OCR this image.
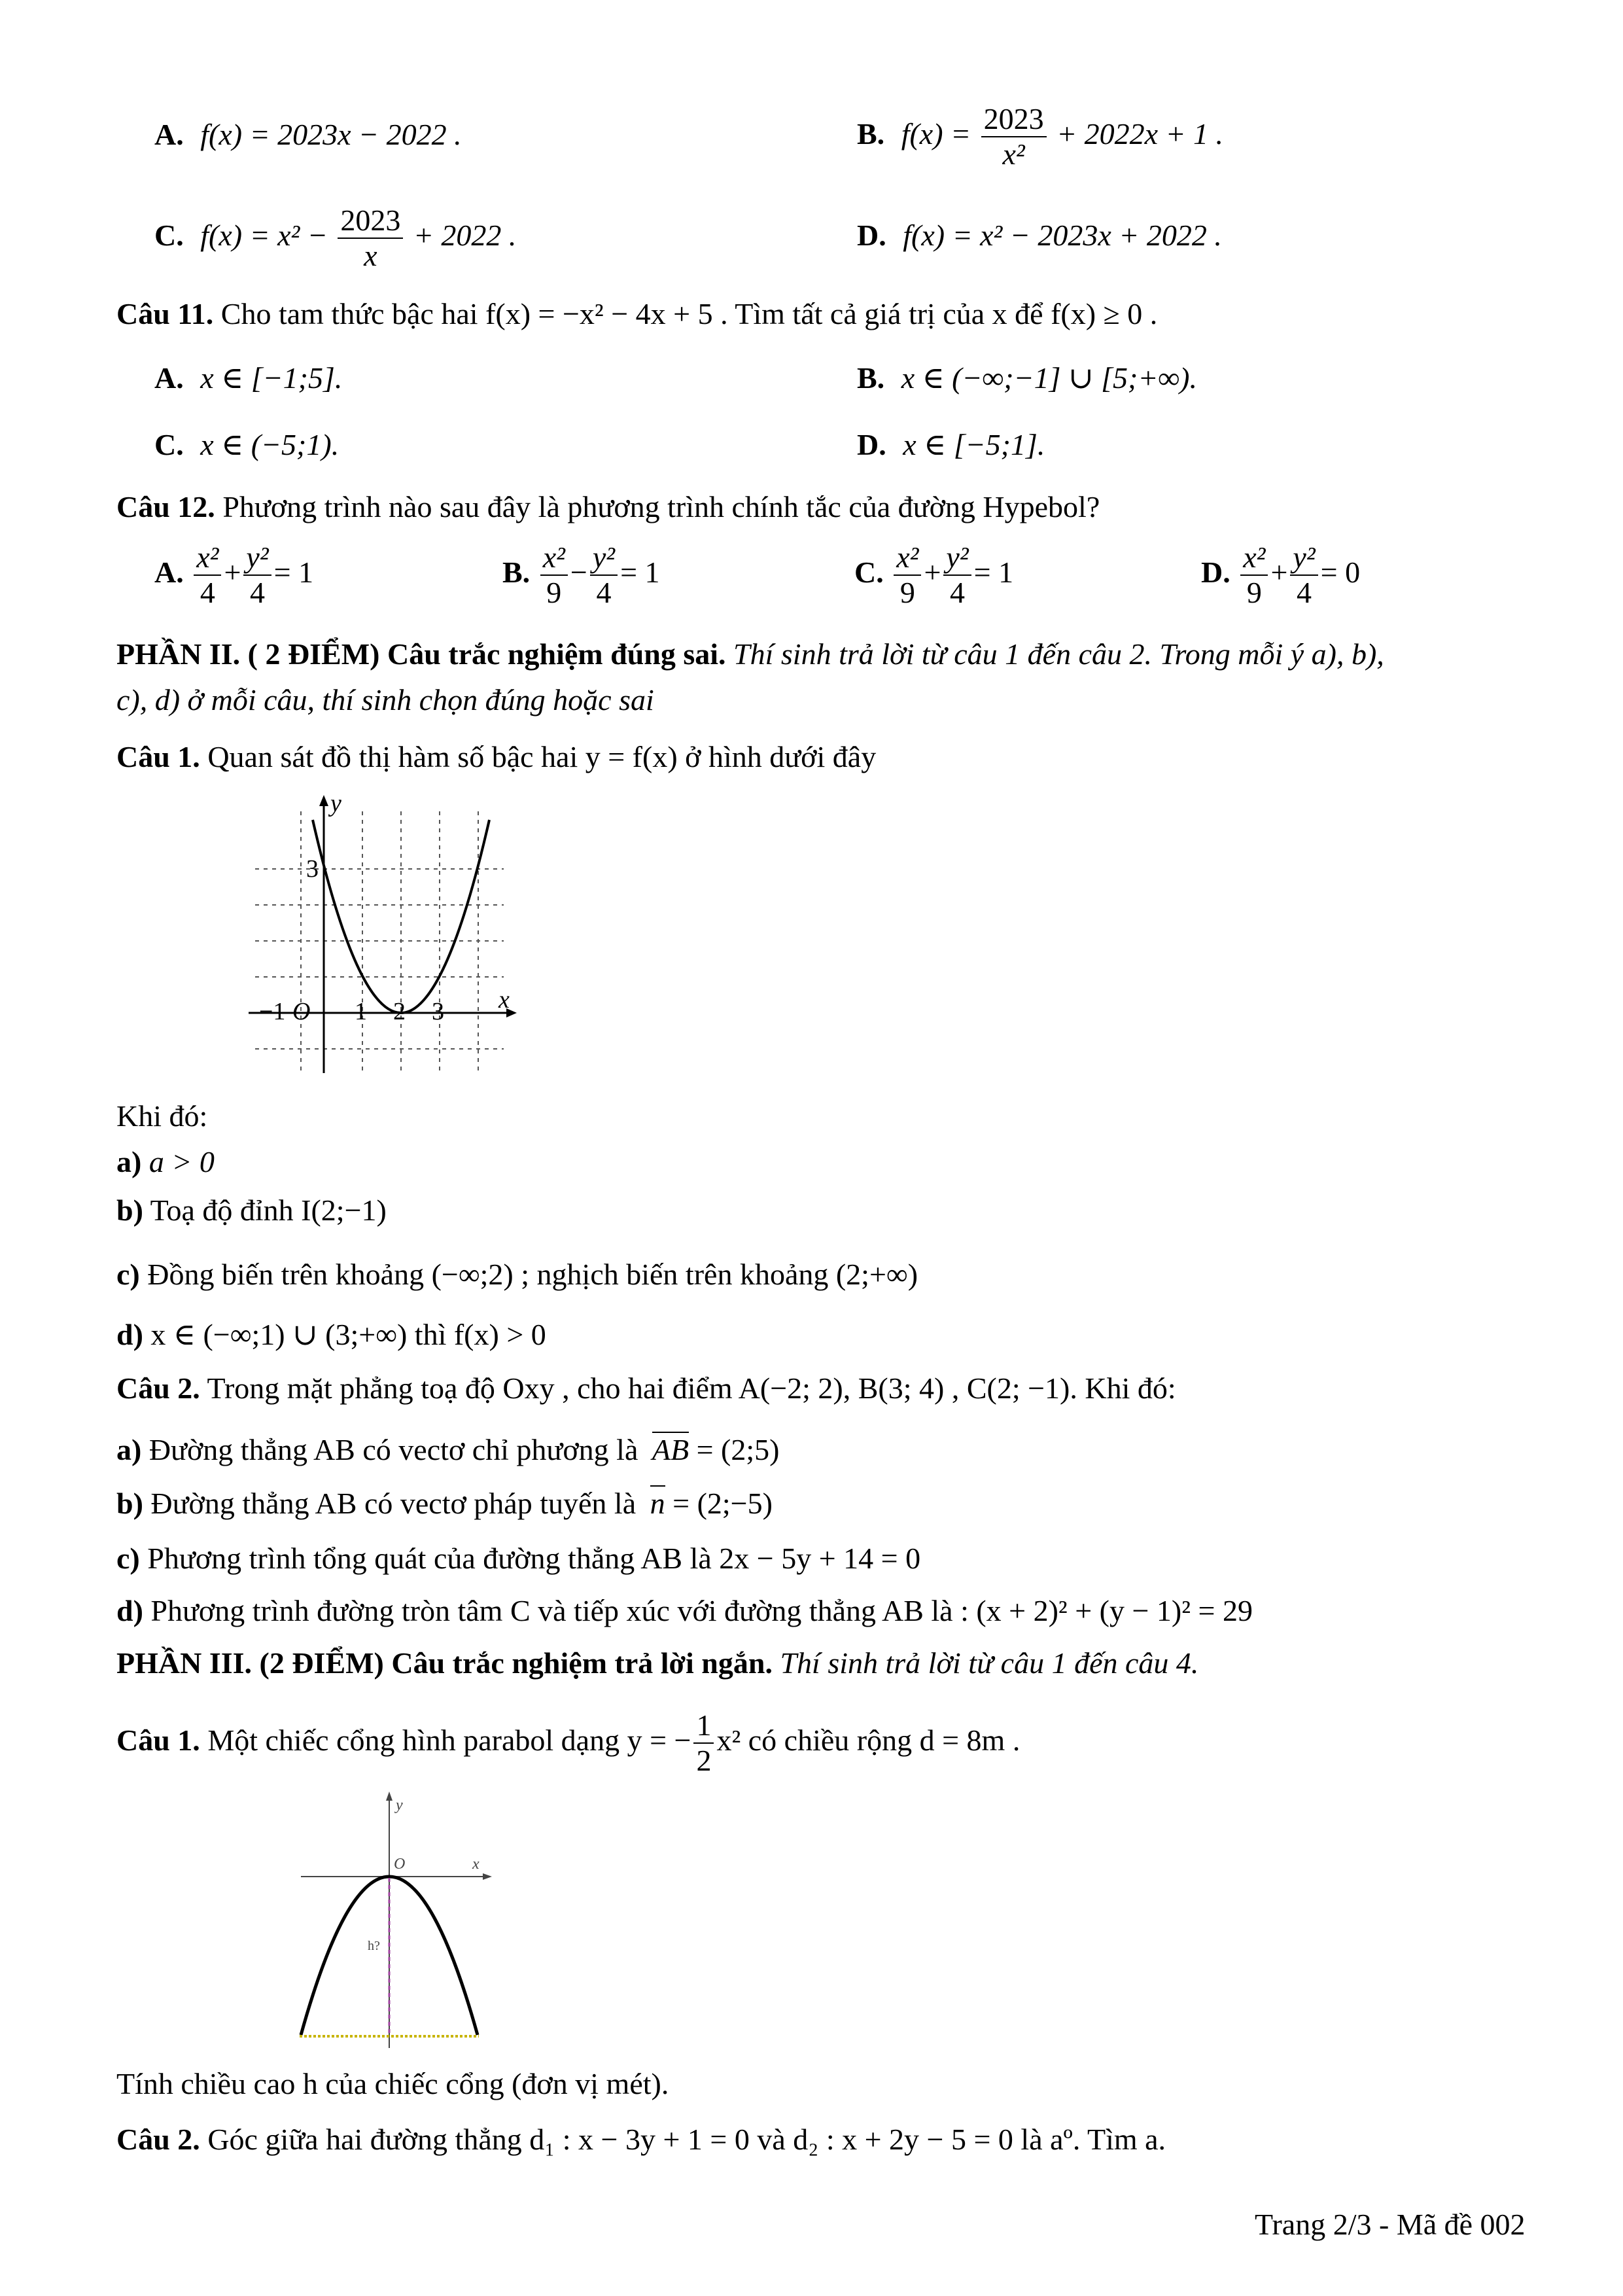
A. f(x) = 2023x − 2022 .	B. $f(x) = \frac{2023}{\text{x²}} + 2022x + 1$ .
C. $f(x) = x^2 - \frac{2023}{x} + 2022$ .	D. f(x) = x² − 2023x + 2022 .
Câu 11. Cho tam thức bậc hai f(x) = −x² − 4x + 5 . Tìm tất cả giá trị của x để f(x) ≥ 0 .
A. x ∈ [−1;5].	B. x ∈ (−∞;−1] ∪ [5;+∞).
C. x ∈ (−5;1).	D. x ∈ [−5;1].
Câu 12. Phương trình nào sau đây là phương trình chính tắc của đường Hypebol?
A. $\frac{\text{x²}}{4} + \frac{\text{y²}}{4} = 1$	B. $\frac{\text{x²}}{9} - \frac{\text{y²}}{4} = 1$	C. $\frac{\text{x²}}{9} + \frac{\text{y²}}{4} = 1$	D. $\frac{\text{x²}}{9} + \frac{\text{y²}}{4} = 0$
PHẦN II. ( 2 ĐIỂM) Câu trắc nghiệm đúng sai. Thí sinh trả lời từ câu 1 đến câu 2. Trong mỗi ý a), b),
c), d) ở mỗi câu, thí sinh chọn đúng hoặc sai
Câu 1. Quan sát đồ thị hàm số bậc hai y = f(x) ở hình dưới đây
x
y
O
−1	1 2 3
3
Khi đó:
a) a > 0
b) Toạ độ đỉnh I(2;−1)
c) Đồng biến trên khoảng (−∞;2) ; nghịch biến trên khoảng (2;+∞)
d) x ∈ (−∞;1) ∪ (3;+∞) thì f(x) > 0
Câu 2. Trong mặt phẳng toạ độ Oxy , cho hai điểm A(−2; 2), B(3; 4) , C(2; −1). Khi đó:
a) Đường thẳng AB có vectơ chỉ phương là AB = (2;5)
b) Đường thẳng AB có vectơ pháp tuyến là n = (2;−5)
c) Phương trình tổng quát của đường thẳng AB là 2x − 5y + 14 = 0
d) Phương trình đường tròn tâm C và tiếp xúc với đường thẳng AB là : (x + 2)² + (y − 1)² = 29
PHẦN III. (2 ĐIỂM) Câu trắc nghiệm trả lời ngắn. Thí sinh trả lời từ câu 1 đến câu 4.
Câu 1. Một chiếc cổng hình parabol dạng y = − $\frac{1}{2} x^2$ có chiều rộng d = 8m .
x
y
O
h?
Tính chiều cao h của chiếc cổng (đơn vị mét).
Câu 2. Góc giữa hai đường thẳng d₁ : x − 3y + 1 = 0 và d₂ : x + 2y − 5 = 0 là aº. Tìm a.
Trang 2/3 - Mã đề 002
